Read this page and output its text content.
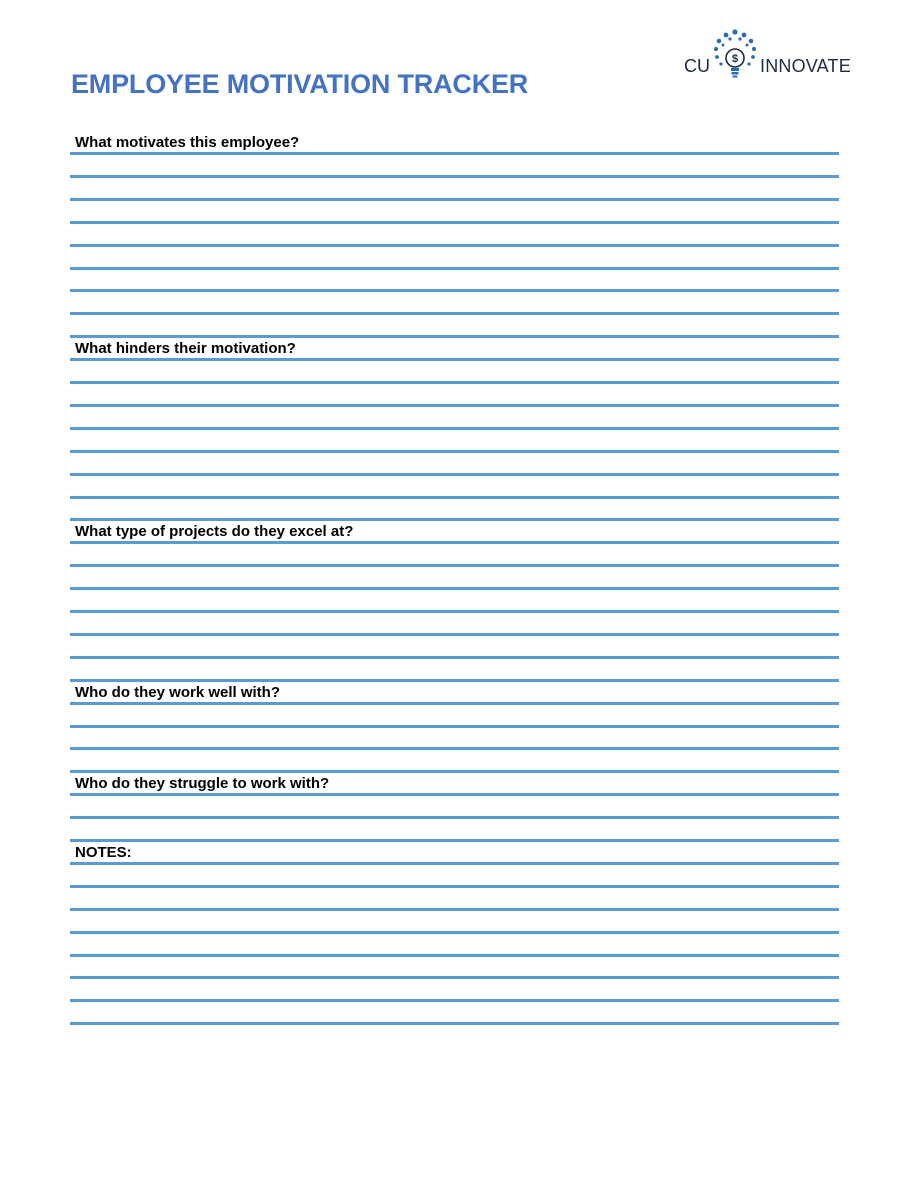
EMPLOYEE MOTIVATION TRACKER
CU $ INNOVATE
What motivates this employee?
What hinders their motivation?
What type of projects do they excel at?
Who do they work well with?
Who do they struggle to work with?
NOTES:
